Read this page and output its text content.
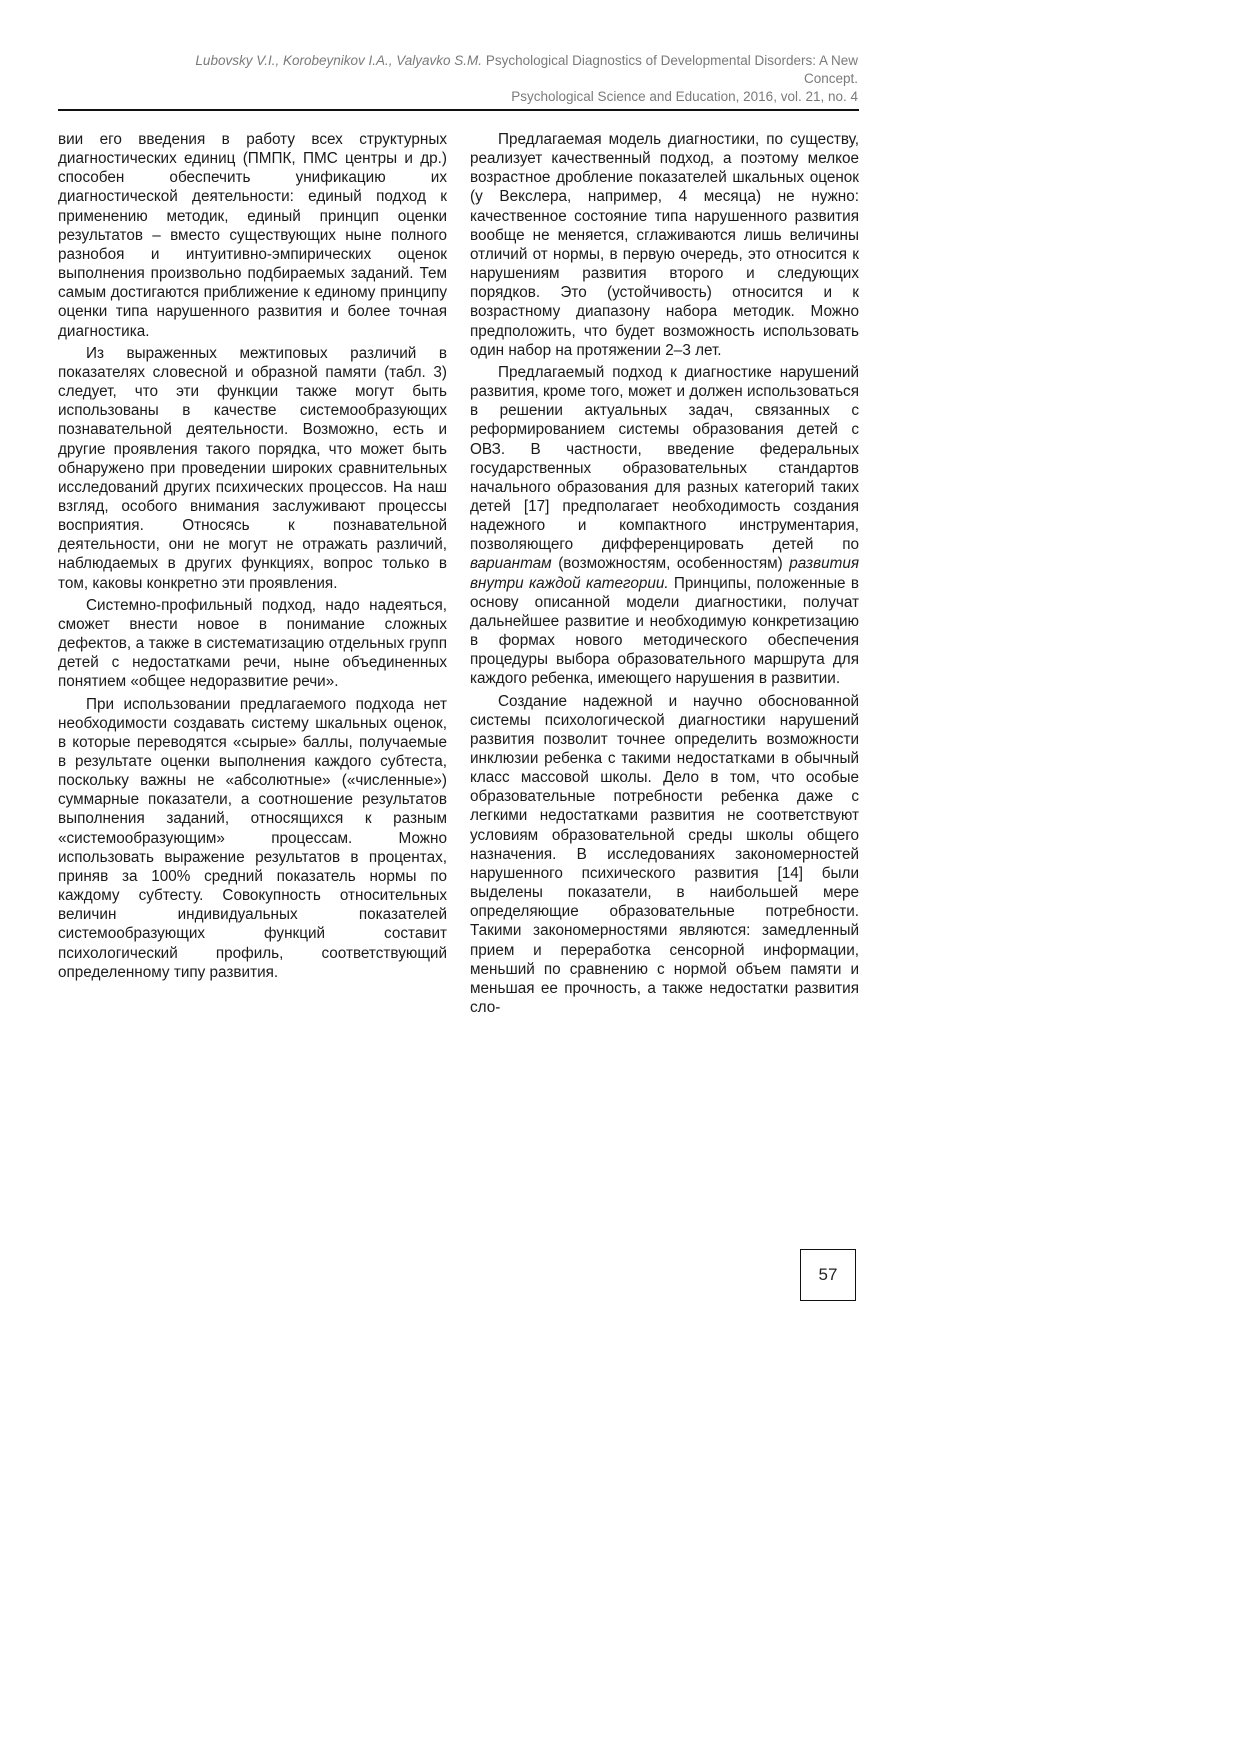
Lubovsky V.I., Korobeynikov I.A., Valyavko S.M. Psychological Diagnostics of Developmental Disorders: A New
Concept.
Psychological Science and Education, 2016, vol. 21, no. 4

вии его введения в работу всех структурных диагностических единиц (ПМПК, ПМС центры и др.) способен обеспечить унификацию их диагностической деятельности: единый подход к применению методик, единый принцип оценки результатов – вместо существующих ныне полного разнобоя и интуитивно-эмпирических оценок выполнения произвольно подбираемых заданий. Тем самым достигаются приближение к единому принципу оценки типа нарушенного развития и более точная диагностика.

Из выраженных межтиповых различий в показателях словесной и образной памяти (табл. 3) следует, что эти функции также могут быть использованы в качестве системообразующих познавательной деятельности. Возможно, есть и другие проявления такого порядка, что может быть обнаружено при проведении широких сравнительных исследований других психических процессов. На наш взгляд, особого внимания заслуживают процессы восприятия. Относясь к познавательной деятельности, они не могут не отражать различий, наблюдаемых в других функциях, вопрос только в том, каковы конкретно эти проявления.

Системно-профильный подход, надо надеяться, сможет внести новое в понимание сложных дефектов, а также в систематизацию отдельных групп детей с недостатками речи, ныне объединенных понятием «общее недоразвитие речи».

При использовании предлагаемого подхода нет необходимости создавать систему шкальных оценок, в которые переводятся «сырые» баллы, получаемые в результате оценки выполнения каждого субтеста, поскольку важны не «абсолютные» («численные») суммарные показатели, а соотношение результатов выполнения заданий, относящихся к разным «системообразующим» процессам. Можно использовать выражение результатов в процентах, приняв за 100% средний показатель нормы по каждому субтесту. Совокупность относительных величин индивидуальных показателей системообразующих функций составит психологический профиль, соответствующий определенному типу развития.

Предлагаемая модель диагностики, по существу, реализует качественный подход, а поэтому мелкое возрастное дробление показателей шкальных оценок (у Векслера, например, 4 месяца) не нужно: качественное состояние типа нарушенного развития вообще не меняется, сглаживаются лишь величины отличий от нормы, в первую очередь, это относится к нарушениям развития второго и следующих порядков. Это (устойчивость) относится и к возрастному диапазону набора методик. Можно предположить, что будет возможность использовать один набор на протяжении 2–3 лет.

Предлагаемый подход к диагностике нарушений развития, кроме того, может и должен использоваться в решении актуальных задач, связанных с реформированием системы образования детей с ОВЗ. В частности, введение федеральных государственных образовательных стандартов начального образования для разных категорий таких детей [17] предполагает необходимость создания надежного и компактного инструментария, позволяющего дифференцировать детей по вариантам (возможностям, особенностям) развития внутри каждой категории. Принципы, положенные в основу описанной модели диагностики, получат дальнейшее развитие и необходимую конкретизацию в формах нового методического обеспечения процедуры выбора образовательного маршрута для каждого ребенка, имеющего нарушения в развитии.

Создание надежной и научно обоснованной системы психологической диагностики нарушений развития позволит точнее определить возможности инклюзии ребенка с такими недостатками в обычный класс массовой школы. Дело в том, что особые образовательные потребности ребенка даже с легкими недостатками развития не соответствуют условиям образовательной среды школы общего назначения. В исследованиях закономерностей нарушенного психического развития [14] были выделены показатели, в наибольшей мере определяющие образовательные потребности. Такими закономерностями являются: замедленный прием и переработка сенсорной информации, меньший по сравнению с нормой объем памяти и меньшая ее прочность, а также недостатки развития сло-

57
